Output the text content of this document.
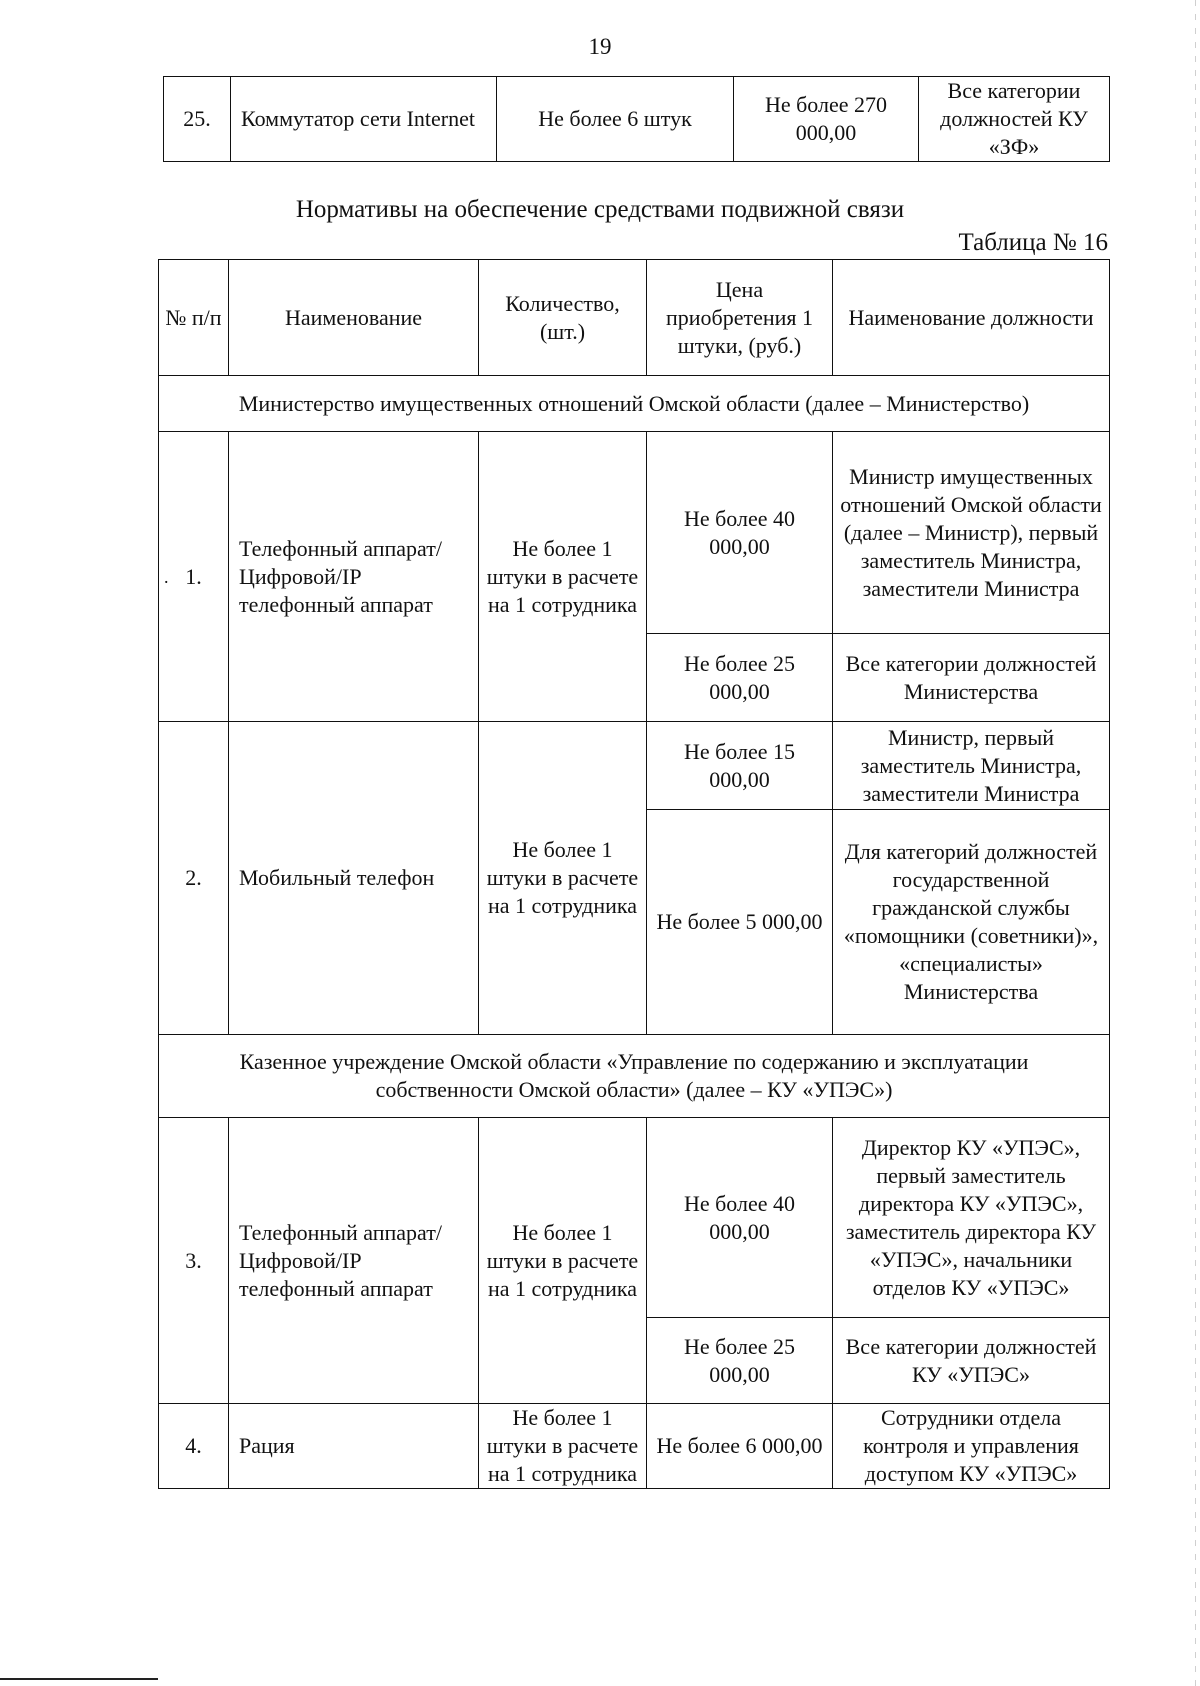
19
25.	Коммутатор сети Internet	Не более 6 штук	Не более 270 000,00	Все категории должностей КУ «ЗФ»
Нормативы на обеспечение средствами подвижной связи
Таблица № 16
№ п/п	Наименование	Количество, (шт.)	Цена приобретения 1 штуки, (руб.)	Наименование должности
Министерство имущественных отношений Омской области (далее – Министерство)				
1.	Телефонный аппарат/Цифровой/IP телефонный аппарат	Не более 1 штуки в расчете на 1 сотрудника	Не более 40 000,00	Министр имущественных отношений Омской области (далее – Министр), первый заместитель Министра, заместители Министра
			Не более 25 000,00	Все категории должностей Министерства
2.	Мобильный телефон	Не более 1 штуки в расчете на 1 сотрудника	Не более 15 000,00	Министр, первый заместитель Министра, заместители Министра
			Не более 5 000,00	Для категорий должностей государственной гражданской службы «помощники (советники)», «специалисты» Министерства
Казенное учреждение Омской области «Управление по содержанию и эксплуатации собственности Омской области» (далее – КУ «УПЭС»)				
3.	Телефонный аппарат/Цифровой/IP телефонный аппарат	Не более 1 штуки в расчете на 1 сотрудника	Не более 40 000,00	Директор КУ «УПЭС», первый заместитель директора КУ «УПЭС», заместитель директора КУ «УПЭС», начальники отделов КУ «УПЭС»
			Не более 25 000,00	Все категории должностей КУ «УПЭС»
4.	Рация	Не более 1 штуки в расчете на 1 сотрудника	Не более 6 000,00	Сотрудники отдела контроля и управления доступом КУ «УПЭС»
.
